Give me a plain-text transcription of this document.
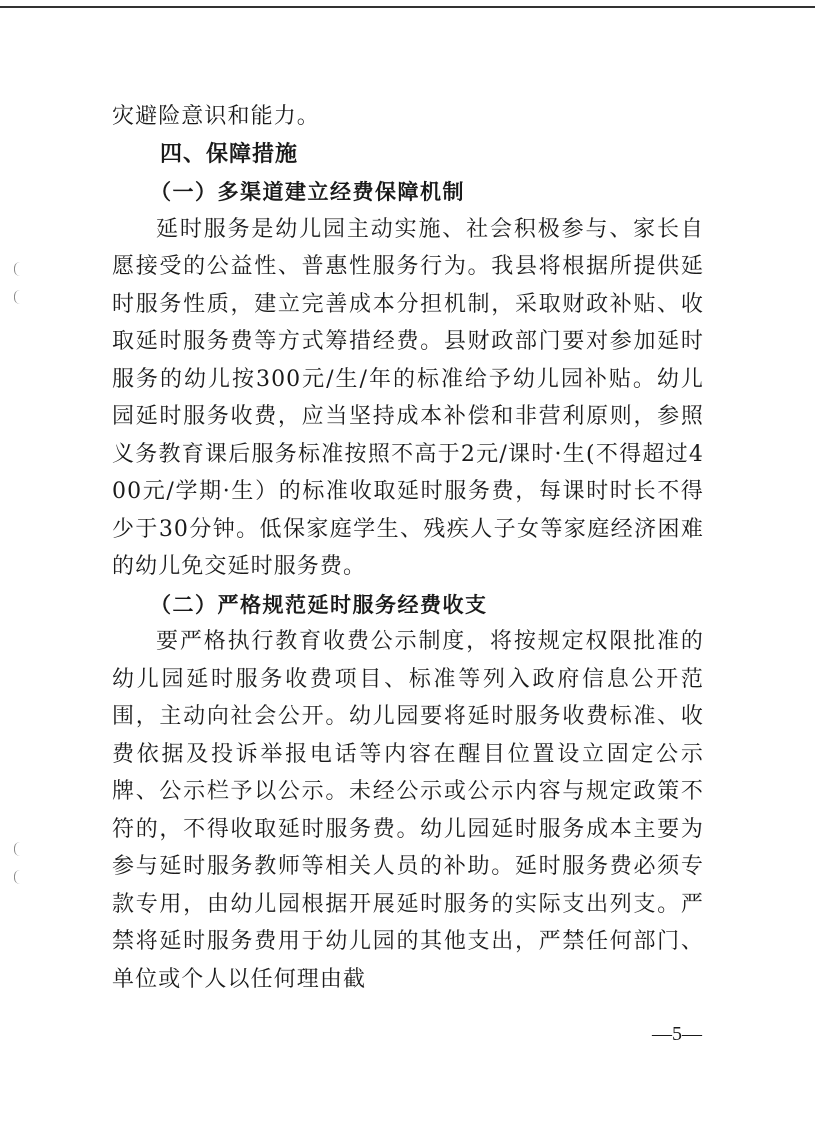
灾避险意识和能力。

四、保障措施

（一）多渠道建立经费保障机制

延时服务是幼儿园主动实施、社会积极参与、家长自愿接受的公益性、普惠性服务行为。我县将根据所提供延时服务性质，建立完善成本分担机制，采取财政补贴、收取延时服务费等方式筹措经费。县财政部门要对参加延时服务的幼儿按300元/生/年的标准给予幼儿园补贴。幼儿园延时服务收费，应当坚持成本补偿和非营利原则，参照义务教育课后服务标准按照不高于2元/课时·生(不得超过400元/学期·生）的标准收取延时服务费，每课时时长不得少于30分钟。低保家庭学生、残疾人子女等家庭经济困难的幼儿免交延时服务费。

（二）严格规范延时服务经费收支

要严格执行教育收费公示制度，将按规定权限批准的幼儿园延时服务收费项目、标准等列入政府信息公开范围，主动向社会公开。幼儿园要将延时服务收费标准、收费依据及投诉举报电话等内容在醒目位置设立固定公示牌、公示栏予以公示。未经公示或公示内容与规定政策不符的，不得收取延时服务费。幼儿园延时服务成本主要为参与延时服务教师等相关人员的补助。延时服务费必须专款专用，由幼儿园根据开展延时服务的实际支出列支。严禁将延时服务费用于幼儿园的其他支出，严禁任何部门、单位或个人以任何理由截

—5—
